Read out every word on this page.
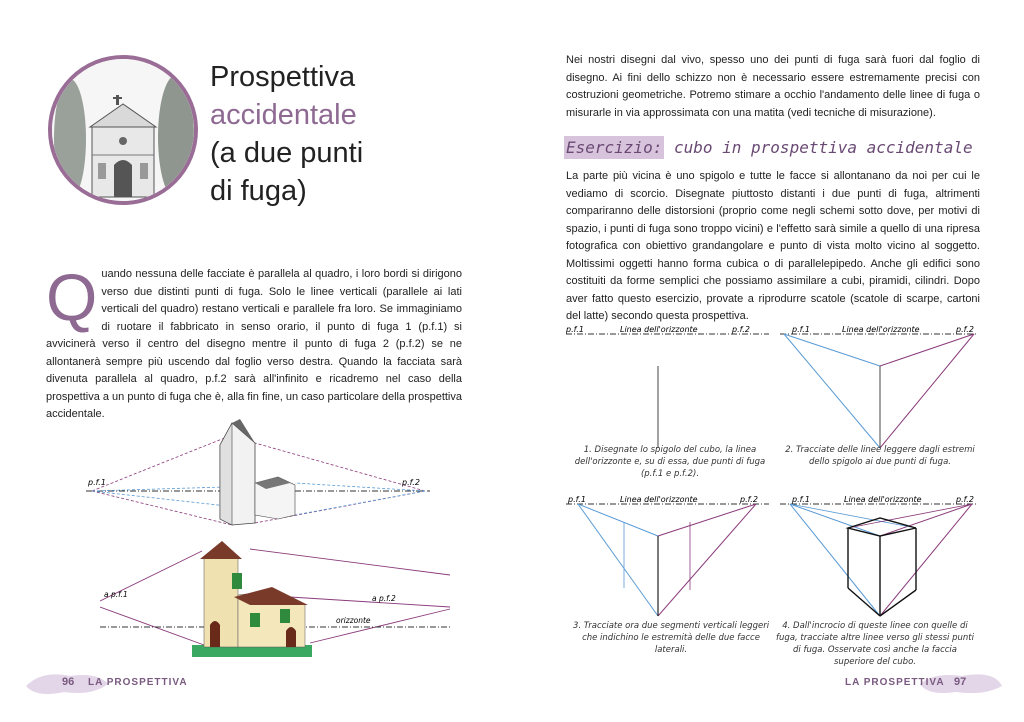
Prospettiva
accidentale
(a due punti
di fuga)
Q uando nessuna delle facciate è parallela al quadro, i loro bordi si dirigono verso due distinti punti di fuga. Solo le linee verticali (parallele ai lati verticali del quadro) restano verticali e parallele fra loro. Se immaginiamo di ruotare il fabbricato in senso orario, il punto di fuga 1 (p.f.1) si avvicinerà verso il centro del disegno mentre il punto di fuga 2 (p.f.2) se ne allontanerà sempre più uscendo dal foglio verso destra. Quando la facciata sarà divenuta parallela al quadro, p.f.2 sarà all'infinito e ricadremo nel caso della prospettiva a un punto di fuga che è, alla fin fine, un caso particolare della prospettiva accidentale.
p.f.1	p.f.2
a p.f.1	a p.f.2
orizzonte
96 LA PROSPETTIVA
Nei nostri disegni dal vivo, spesso uno dei punti di fuga sarà fuori dal foglio di disegno. Ai fini dello schizzo non è necessario essere estremamente precisi con costruzioni geometriche. Potremo stimare a occhio l'andamento delle linee di fuga o misurarle in via approssimata con una matita (vedi tecniche di misurazione).
Esercizio: cubo in prospettiva accidentale
La parte più vicina è uno spigolo e tutte le facce si allontanano da noi per cui le vediamo di scorcio. Disegnate piuttosto distanti i due punti di fuga, altrimenti compariranno delle distorsioni (proprio come negli schemi sotto dove, per motivi di spazio, i punti di fuga sono troppo vicini) e l'effetto sarà simile a quello di una ripresa fotografica con obiettivo grandangolare e punto di vista molto vicino al soggetto. Moltissimi oggetti hanno forma cubica o di parallelepipedo. Anche gli edifici sono costituiti da forme semplici che possiamo assimilare a cubi, piramidi, cilindri. Dopo aver fatto questo esercizio, provate a riprodurre scatole (scatole di scarpe, cartoni del latte) secondo questa prospettiva.
p.f.1	Linea dell'orizzonte	p.f.2
1. Disegnate lo spigolo del cubo, la linea dell'orizzonte e, su di essa, due punti di fuga (p.f.1 e p.f.2).
p.f.1	Linea dell'orizzonte	p.f.2
2. Tracciate delle linee leggere dagli estremi dello spigolo ai due punti di fuga.
p.f.1	Linea dell'orizzonte	p.f.2
3. Tracciate ora due segmenti verticali leggeri che indichino le estremità delle due facce laterali.
p.f.1	Linea dell'orizzonte	p.f.2
4. Dall'incrocio di queste linee con quelle di fuga, tracciate altre linee verso gli stessi punti di fuga. Osservate così anche la faccia superiore del cubo.
LA PROSPETTIVA 97
